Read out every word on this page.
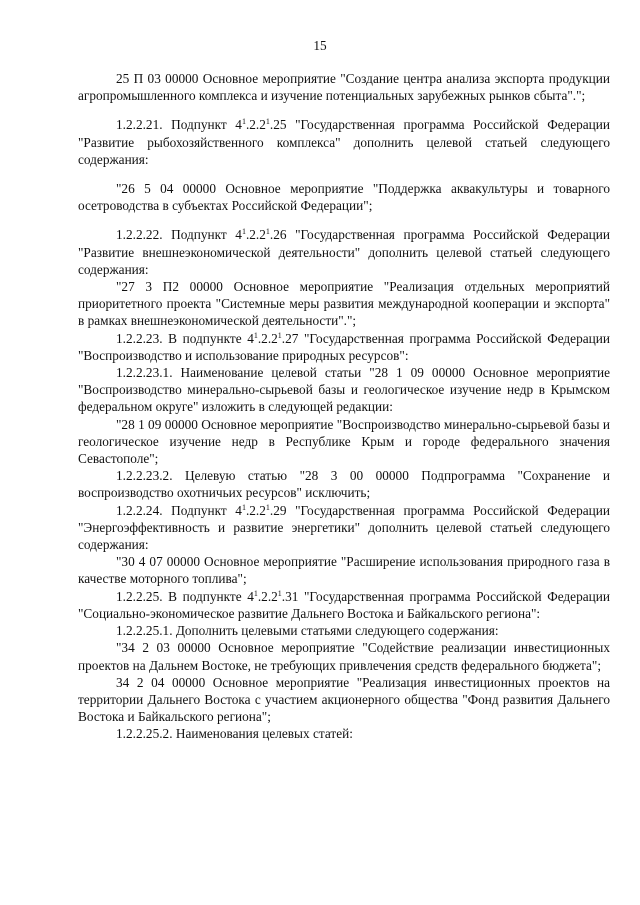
15

25 П 03 00000 Основное мероприятие "Создание центра анализа экспорта продукции агропромышленного комплекса и изучение потенциальных зарубежных рынков сбыта".";

1.2.2.21. Подпункт $4^1.2.2^1.25$ "Государственная программа Российской Федерации "Развитие рыбохозяйственного комплекса" дополнить целевой статьей следующего содержания:

"26 5 04 00000 Основное мероприятие "Поддержка аквакультуры и товарного осетроводства в субъектах Российской Федерации";

1.2.2.22. Подпункт $4^1.2.2^1.26$ "Государственная программа Российской Федерации "Развитие внешнеэкономической деятельности" дополнить целевой статьей следующего содержания:

"27 3 П2 00000 Основное мероприятие "Реализация отдельных мероприятий приоритетного проекта "Системные меры развития международной кооперации и экспорта" в рамках внешнеэкономической деятельности".";

1.2.2.23. В подпункте $4^1.2.2^1.27$ "Государственная программа Российской Федерации "Воспроизводство и использование природных ресурсов":

1.2.2.23.1. Наименование целевой статьи "28 1 09 00000 Основное мероприятие "Воспроизводство минерально-сырьевой базы и геологическое изучение недр в Крымском федеральном округе" изложить в следующей редакции:

"28 1 09 00000 Основное мероприятие "Воспроизводство минерально-сырьевой базы и геологическое изучение недр в Республике Крым и городе федерального значения Севастополе";

1.2.2.23.2. Целевую статью "28 3 00 00000 Подпрограмма "Сохранение и воспроизводство охотничьих ресурсов" исключить;

1.2.2.24. Подпункт $4^1.2.2^1.29$ "Государственная программа Российской Федерации "Энергоэффективность и развитие энергетики" дополнить целевой статьей следующего содержания:

"30 4 07 00000 Основное мероприятие "Расширение использования природного газа в качестве моторного топлива";

1.2.2.25. В подпункте $4^1.2.2^1.31$ "Государственная программа Российской Федерации "Социально-экономическое развитие Дальнего Востока и Байкальского региона":

1.2.2.25.1. Дополнить целевыми статьями следующего содержания:

"34 2 03 00000 Основное мероприятие "Содействие реализации инвестиционных проектов на Дальнем Востоке, не требующих привлечения средств федерального бюджета";

34 2 04 00000 Основное мероприятие "Реализация инвестиционных проектов на территории Дальнего Востока с участием акционерного общества "Фонд развития Дальнего Востока и Байкальского региона";

1.2.2.25.2. Наименования целевых статей:
